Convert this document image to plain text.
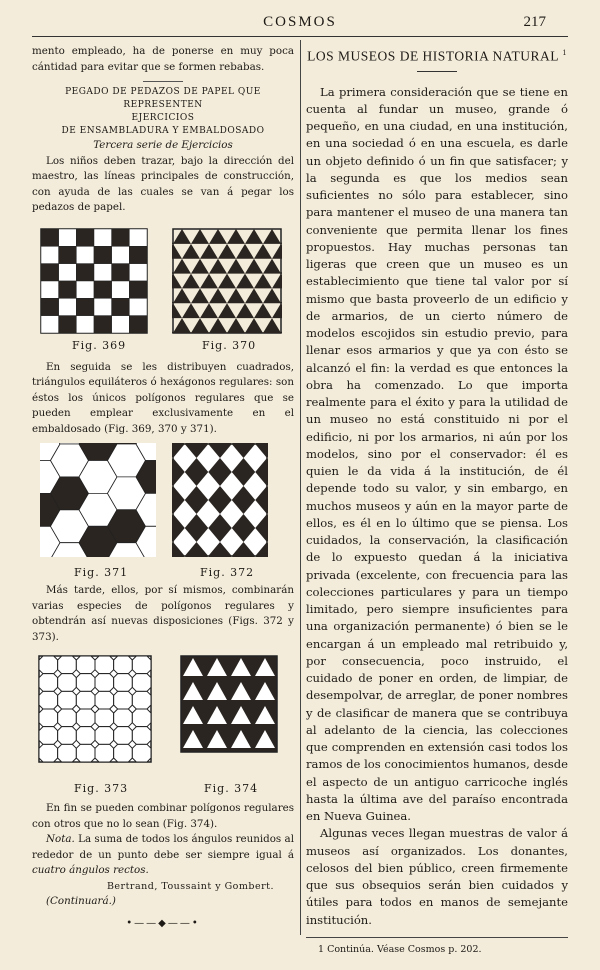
COSMOS	217

mento empleado, ha de ponerse en muy poca cántidad para evitar que se formen rebabas.

PEGADO DE PEDAZOS DE PAPEL QUE REPRESENTEN
EJERCICIOS
DE ENSAMBLADURA Y EMBALDOSADO
Tercera serie de Ejercicios

Los niños deben trazar, bajo la dirección del maestro, las líneas principales de construcción, con ayuda de las cuales se van á pegar los pedazos de papel.

Fig. 369	Fig. 370

En seguida se les distribuyen cuadrados, triángulos equiláteros ó hexágonos regulares: son éstos los únicos polígonos regulares que se pueden emplear exclusivamente en el embaldosado (Fig. 369, 370 y 371).

Fig. 371	Fig. 372

Más tarde, ellos, por sí mismos, combinarán varias especies de polígonos regulares y obtendrán así nuevas disposiciones (Figs. 372 y 373).

Fig. 373	Fig. 374

En fin se pueden combinar polígonos regulares con otros que no lo sean (Fig. 374).

Nota. La suma de todos los ángulos reunidos al rededor de un punto debe ser siempre igual á cuatro ángulos rectos.

Bertrand, Toussaint y Gombert.
(Continuará.)
•——◆——•
LOS MUSEOS DE HISTORIA NATURAL $^1$

La primera consideración que se tiene en cuenta al fundar un museo, grande ó pequeño, en una ciudad, en una institución, en una sociedad ó en una escuela, es darle un objeto definido ó un fin que satisfacer; y la segunda es que los medios sean suficientes no sólo para establecer, sino para mantener el museo de una manera tan conveniente que permita llenar los fines propuestos. Hay muchas personas tan ligeras que creen que un museo es un establecimiento que tiene tal valor por sí mismo que basta proveerlo de un edificio y de armarios, de un cierto número de modelos escojidos sin estudio previo, para llenar esos armarios y que ya con ésto se alcanzó el fin: la verdad es que entonces la obra ha comenzado. Lo que importa realmente para el éxito y para la utilidad de un museo no está constituido ni por el edificio, ni por los armarios, ni aún por los modelos, sino por el conservador: él es quien le da vida á la institución, de él depende todo su valor, y sin embargo, en muchos museos y aún en la mayor parte de ellos, es él en lo último que se piensa. Los cuidados, la conservación, la clasificación de lo expuesto quedan á la iniciativa privada (excelente, con frecuencia para las colecciones particulares y para un tiempo limitado, pero siempre insuficientes para una organización permanente) ó bien se le encargan á un empleado mal retribuido y, por consecuencia, poco instruido, el cuidado de poner en orden, de limpiar, de desempolvar, de arreglar, de poner nombres y de clasificar de manera que se contribuya al adelanto de la ciencia, las colecciones que comprenden en extensión casi todos los ramos de los conocimientos humanos, desde el aspecto de un antiguo carricoche inglés hasta la última ave del paraíso encontrada en Nueva Guinea.

Algunas veces llegan muestras de valor á museos así organizados. Los donantes, celosos del bien público, creen firmemente que sus obsequios serán bien cuidados y útiles para todos en manos de semejante institución.

1 Continúa. Véase Cosmos p. 202.
